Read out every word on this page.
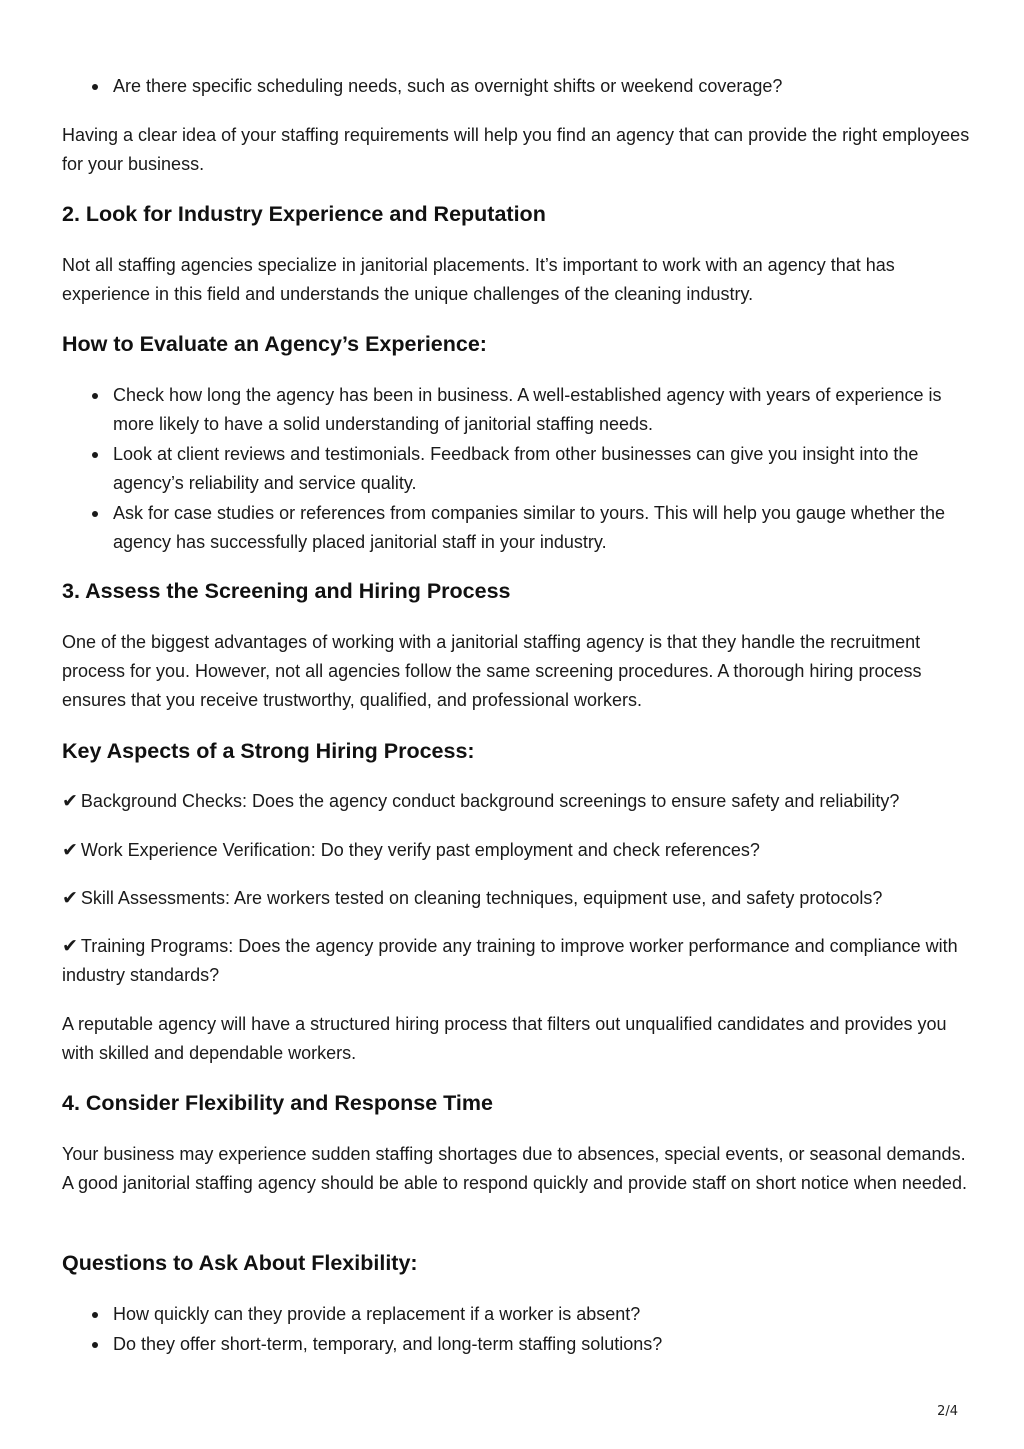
Are there specific scheduling needs, such as overnight shifts or weekend coverage?

Having a clear idea of your staffing requirements will help you find an agency that can provide the right employees for your business.

2. Look for Industry Experience and Reputation

Not all staffing agencies specialize in janitorial placements. It’s important to work with an agency that has experience in this field and understands the unique challenges of the cleaning industry.

How to Evaluate an Agency’s Experience:
Check how long the agency has been in business. A well-established agency with years of experience is more likely to have a solid understanding of janitorial staffing needs.
Look at client reviews and testimonials. Feedback from other businesses can give you insight into the agency’s reliability and service quality.
Ask for case studies or references from companies similar to yours. This will help you gauge whether the agency has successfully placed janitorial staff in your industry.
3. Assess the Screening and Hiring Process

One of the biggest advantages of working with a janitorial staffing agency is that they handle the recruitment process for you. However, not all agencies follow the same screening procedures. A thorough hiring process ensures that you receive trustworthy, qualified, and professional workers.

Key Aspects of a Strong Hiring Process:

✔ Background Checks: Does the agency conduct background screenings to ensure safety and reliability?

✔ Work Experience Verification: Do they verify past employment and check references?

✔ Skill Assessments: Are workers tested on cleaning techniques, equipment use, and safety protocols?

✔ Training Programs: Does the agency provide any training to improve worker performance and compliance with industry standards?

A reputable agency will have a structured hiring process that filters out unqualified candidates and provides you with skilled and dependable workers.

4. Consider Flexibility and Response Time

Your business may experience sudden staffing shortages due to absences, special events, or seasonal demands. A good janitorial staffing agency should be able to respond quickly and provide staff on short notice when needed.

Questions to Ask About Flexibility:
How quickly can they provide a replacement if a worker is absent?
Do they offer short-term, temporary, and long-term staffing solutions?
2/4
